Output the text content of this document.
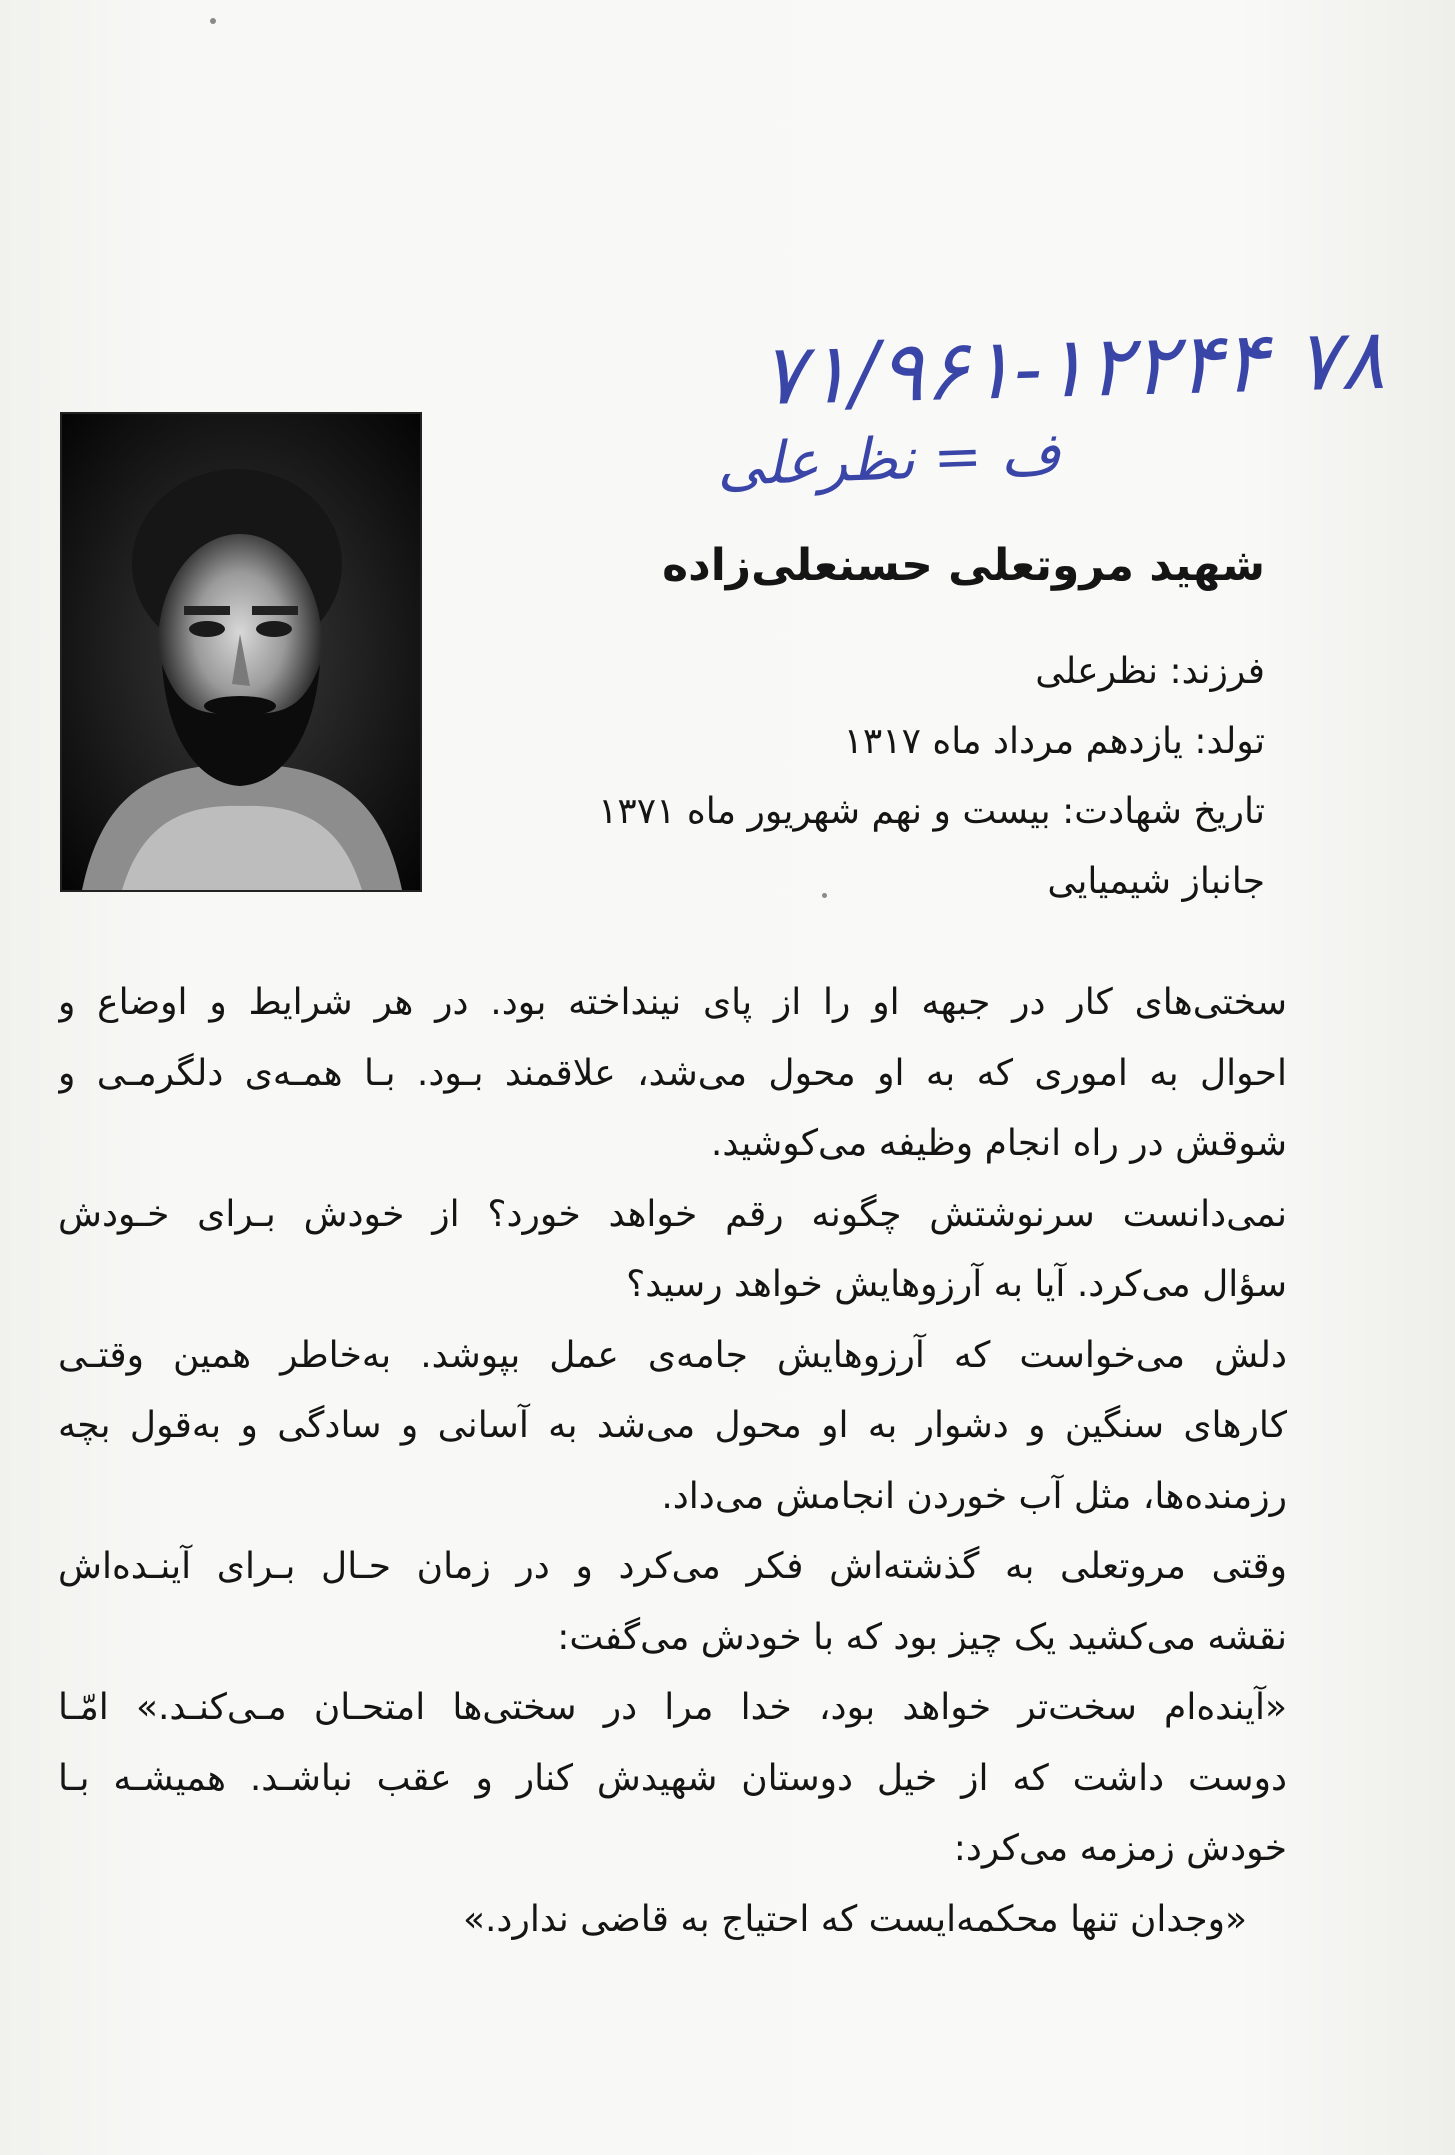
۷۱/۹۶۱-۱۲۲۴۴ ۷۸
ف = نظرعلی
شهید مروتعلی حسنعلی‌زاده
فرزند: نظرعلی
تولد: یازدهم مرداد ماه ۱۳۱۷
تاریخ شهادت: بیست و نهم شهریور ماه ۱۳۷۱
جانباز شیمیایی
سختی‌های کار در جبهه او را از پای نینداخته بود. در هر شرایط و اوضاع و
احوال به اموری که به او محول می‌شد، علاقمند بـود. بـا همـه‌ی دلگرمـی و
شوقش در راه انجام وظیفه می‌کوشید.
نمی‌دانست سرنوشتش چگونه رقم خواهد خورد؟ از خودش بـرای خـودش
سؤال می‌کرد. آیا به آرزوهایش خواهد رسید؟
دلش می‌خواست که آرزوهایش جامه‌ی عمل بپوشد. به‌خاطر همین وقتـی
کارهای سنگین و دشوار به او محول می‌شد به آسانی و سادگی و به‌قول بچه
رزمنده‌ها، مثل آب خوردن انجامش می‌داد.
وقتی مروتعلی به گذشته‌اش فکر می‌کرد و در زمان حـال بـرای آینـده‌اش
نقشه می‌کشید یک چیز بود که با خودش می‌گفت:
«آینده‌ام سخت‌تر خواهد بود، خدا مرا در سختی‌ها امتحـان مـی‌کنـد.» امّـا
دوست داشت که از خیل دوستان شهیدش کنار و عقب نباشـد. همیشـه بـا
خودش زمزمه می‌کرد:
«وجدان تنها محکمه‌ایست که احتیاج به قاضی ندارد.»
